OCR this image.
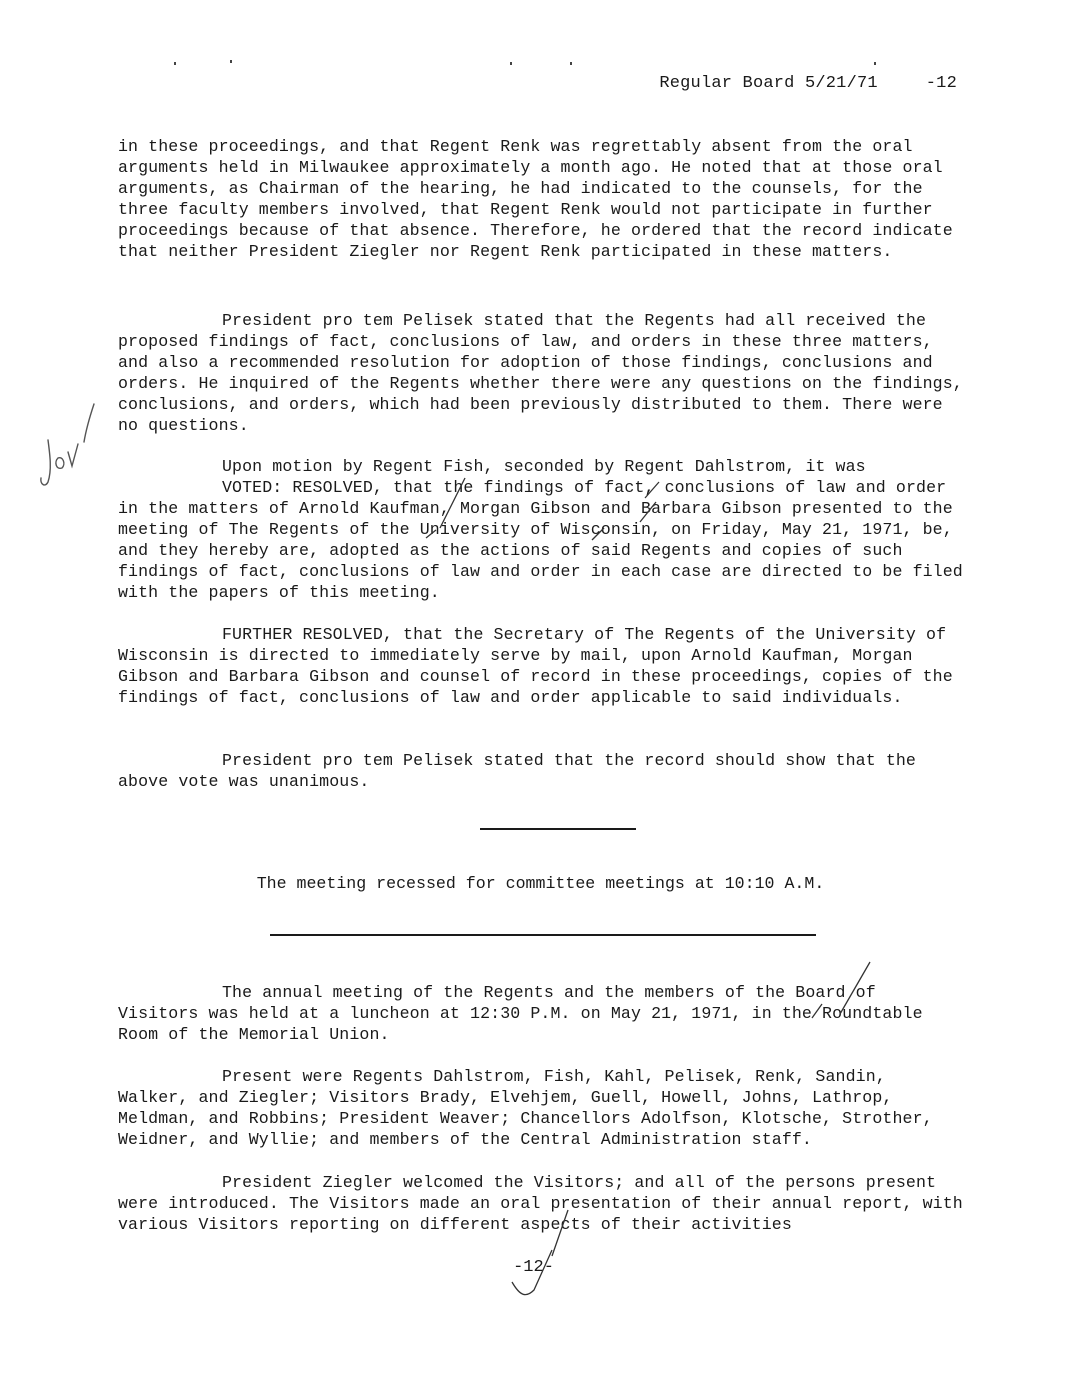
Regular Board 5/21/71	-12

in these proceedings, and that Regent Renk was regrettably absent from the oral arguments held in Milwaukee approximately a month ago. He noted that at those oral arguments, as Chairman of the hearing, he had indicated to the counsels, for the three faculty members involved, that Regent Renk would not participate in further proceedings because of that absence. Therefore, he ordered that the record indicate that neither President Ziegler nor Regent Renk participated in these matters.

President pro tem Pelisek stated that the Regents had all received the proposed findings of fact, conclusions of law, and orders in these three matters, and also a recommended resolution for adoption of those findings, conclusions and orders. He inquired of the Regents whether there were any questions on the findings, conclusions, and orders, which had been previously distributed to them. There were no questions.

Upon motion by Regent Fish, seconded by Regent Dahlstrom, it was

VOTED: RESOLVED, that the findings of fact, conclusions of law and order in the matters of Arnold Kaufman, Morgan Gibson and Barbara Gibson presented to the meeting of The Regents of the University of Wisconsin, on Friday, May 21, 1971, be, and they hereby are, adopted as the actions of said Regents and copies of such findings of fact, conclusions of law and order in each case are directed to be filed with the papers of this meeting.

FURTHER RESOLVED, that the Secretary of The Regents of the University of Wisconsin is directed to immediately serve by mail, upon Arnold Kaufman, Morgan Gibson and Barbara Gibson and counsel of record in these proceedings, copies of the findings of fact, conclusions of law and order applicable to said individuals.

President pro tem Pelisek stated that the record should show that the above vote was unanimous.

The meeting recessed for committee meetings at 10:10 A.M.

The annual meeting of the Regents and the members of the Board of Visitors was held at a luncheon at 12:30 P.M. on May 21, 1971, in the Roundtable Room of the Memorial Union.

Present were Regents Dahlstrom, Fish, Kahl, Pelisek, Renk, Sandin, Walker, and Ziegler; Visitors Brady, Elvehjem, Guell, Howell, Johns, Lathrop, Meldman, and Robbins; President Weaver; Chancellors Adolfson, Klotsche, Strother, Weidner, and Wyllie; and members of the Central Administration staff.

President Ziegler welcomed the Visitors; and all of the persons present were introduced. The Visitors made an oral presentation of their annual report, with various Visitors reporting on different aspects of their activities

-12-
